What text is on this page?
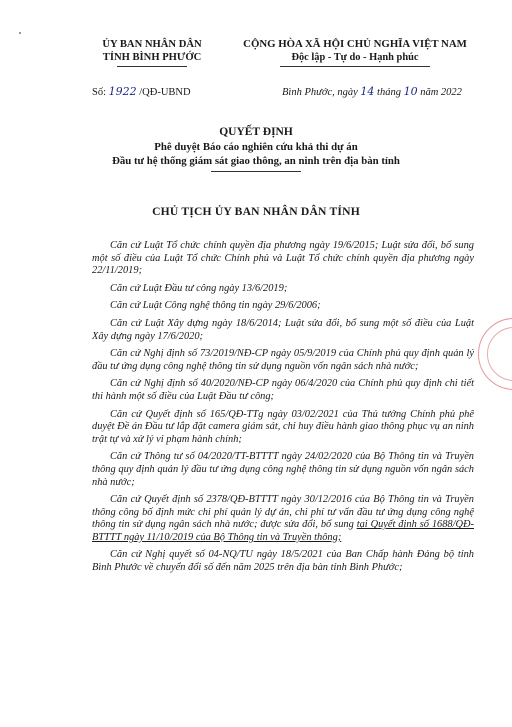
ỦY BAN NHÂN DÂN
TỈNH BÌNH PHƯỚC
CỘNG HÒA XÃ HỘI CHỦ NGHĨA VIỆT NAM
Độc lập - Tự do - Hạnh phúc
Số: 1922 /QĐ-UBND	Bình Phước, ngày 14 tháng 10 năm 2022
QUYẾT ĐỊNH
Phê duyệt Báo cáo nghiên cứu khả thi dự án
Đầu tư hệ thống giám sát giao thông, an ninh trên địa bàn tỉnh
CHỦ TỊCH ỦY BAN NHÂN DÂN TỈNH

Căn cứ Luật Tổ chức chính quyền địa phương ngày 19/6/2015; Luật sửa đổi, bổ sung một số điều của Luật Tổ chức Chính phủ và Luật Tổ chức chính quyền địa phương ngày 22/11/2019;

Căn cứ Luật Đầu tư công ngày 13/6/2019;

Căn cứ Luật Công nghệ thông tin ngày 29/6/2006;

Căn cứ Luật Xây dựng ngày 18/6/2014; Luật sửa đổi, bổ sung một số điều của Luật Xây dựng ngày 17/6/2020;

Căn cứ Nghị định số 73/2019/NĐ-CP ngày 05/9/2019 của Chính phủ quy định quản lý đầu tư ứng dụng công nghệ thông tin sử dụng nguồn vốn ngân sách nhà nước;

Căn cứ Nghị định số 40/2020/NĐ-CP ngày 06/4/2020 của Chính phủ quy định chi tiết thi hành một số điều của Luật Đầu tư công;

Căn cứ Quyết định số 165/QĐ-TTg ngày 03/02/2021 của Thủ tướng Chính phủ phê duyệt Đề án Đầu tư lắp đặt camera giám sát, chỉ huy điều hành giao thông phục vụ an ninh trật tự và xử lý vi phạm hành chính;

Căn cứ Thông tư số 04/2020/TT-BTTTT ngày 24/02/2020 của Bộ Thông tin và Truyền thông quy định quản lý đầu tư ứng dụng công nghệ thông tin sử dụng nguồn vốn ngân sách nhà nước;

Căn cứ Quyết định số 2378/QĐ-BTTTT ngày 30/12/2016 của Bộ Thông tin và Truyền thông công bố định mức chi phí quản lý dự án, chi phí tư vấn đầu tư ứng dụng công nghệ thông tin sử dụng ngân sách nhà nước; được sửa đổi, bổ sung tại Quyết định số 1688/QĐ-BTTTT ngày 11/10/2019 của Bộ Thông tin và Truyền thông;

Căn cứ Nghị quyết số 04-NQ/TU ngày 18/5/2021 của Ban Chấp hành Đảng bộ tỉnh Bình Phước về chuyển đổi số đến năm 2025 trên địa bàn tỉnh Bình Phước;
